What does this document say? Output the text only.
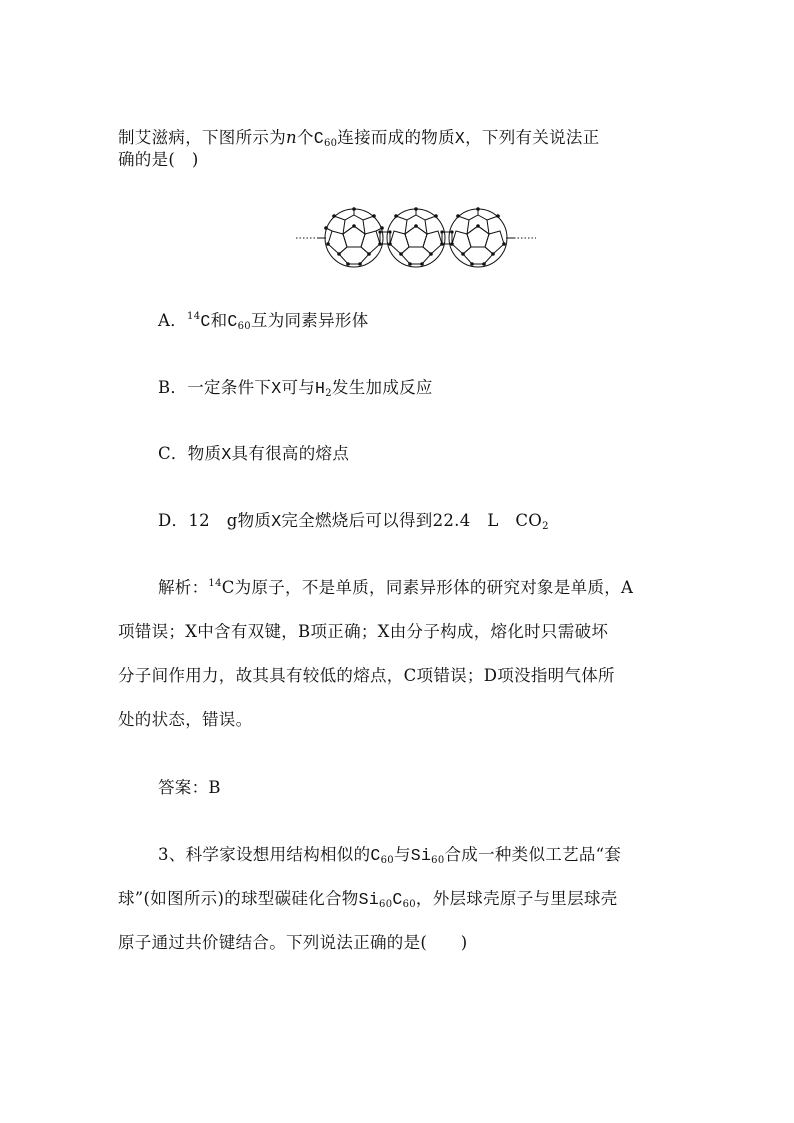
制艾滋病，下图所示为n个$C_{60}$连接而成的物质X，下列有关说法正
确的是(　)
A．$^{14}$C和$C_{60}$互为同素异形体
B．一定条件下X可与$H_2$发生加成反应
C．物质X具有很高的熔点
D．12　g物质X完全燃烧后可以得到22.4　L　$CO_2$
解析：$^{14}$C为原子，不是单质，同素异形体的研究对象是单质，A
项错误；X中含有双键，B项正确；X由分子构成，熔化时只需破坏
分子间作用力，故其具有较低的熔点，C项错误；D项没指明气体所
处的状态，错误。
答案：B
3、科学家设想用结构相似的$C_{60}$与$Si_{60}$合成一种类似工艺品“套
球”(如图所示)的球型碳硅化合物$Si_{60}C_{60}$，外层球壳原子与里层球壳
原子通过共价键结合。下列说法正确的是(　　)
